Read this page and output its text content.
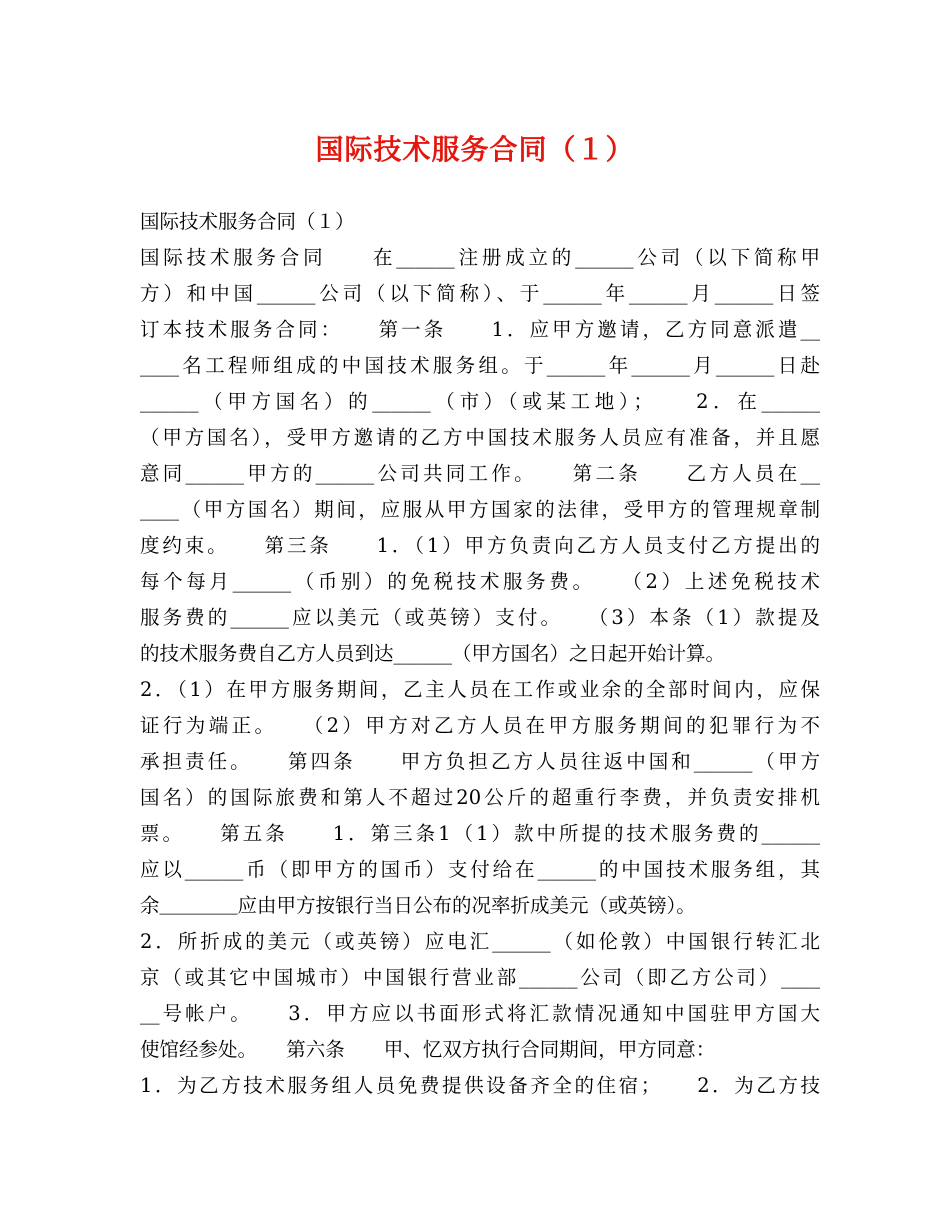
国际技术服务合同（１）
国际技术服务合同（１）
国际技术服务合同　　在______注册成立的______公司（以下简称甲
方）和中国______公司（以下简称）、于______年______月______日签
订本技术服务合同：　　第一条　　1．应甲方邀请，乙方同意派遣__
____名工程师组成的中国技术服务组。于______年______月______日赴
______（甲方国名）的______（市）（或某工地）；　　2．在______
（甲方国名），受甲方邀请的乙方中国技术服务人员应有准备，并且愿
意同______甲方的______公司共同工作。　　第二条　　乙方人员在__
____（甲方国名）期间，应服从甲方国家的法律，受甲方的管理规章制
度约束。　　第三条　　1．（1）甲方负责向乙方人员支付乙方提出的
每个每月______（币别）的免税技术服务费。　　（2）上述免税技术
服务费的______应以美元（或英镑）支付。　　（3）本条（1）款提及
的技术服务费自乙方人员到达______（甲方国名）之日起开始计算。
2．（1）在甲方服务期间，乙主人员在工作或业余的全部时间内，应保
证行为端正。　　（2）甲方对乙方人员在甲方服务期间的犯罪行为不
承担责任。　　第四条　　甲方负担乙方人员往返中国和______（甲方
国名）的国际旅费和第人不超过20公斤的超重行李费，并负责安排机
票。　　第五条　　1．第三条1（1）款中所提的技术服务费的______
应以______币（即甲方的国币）支付给在______的中国技术服务组，其
余＿＿＿＿应由甲方按银行当日公布的况率折成美元（或英镑）。
2．所折成的美元（或英镑）应电汇______（如伦敦）中国银行转汇北
京（或其它中国城市）中国银行营业部______公司（即乙方公司）____
__号帐户。　　3．甲方应以书面形式将汇款情况通知中国驻甲方国大
使馆经参处。　　第六条　　甲、忆双方执行合同期间，甲方同意：
1．为乙方技术服务组人员免费提供设备齐全的住宿；　　2．为乙方技
